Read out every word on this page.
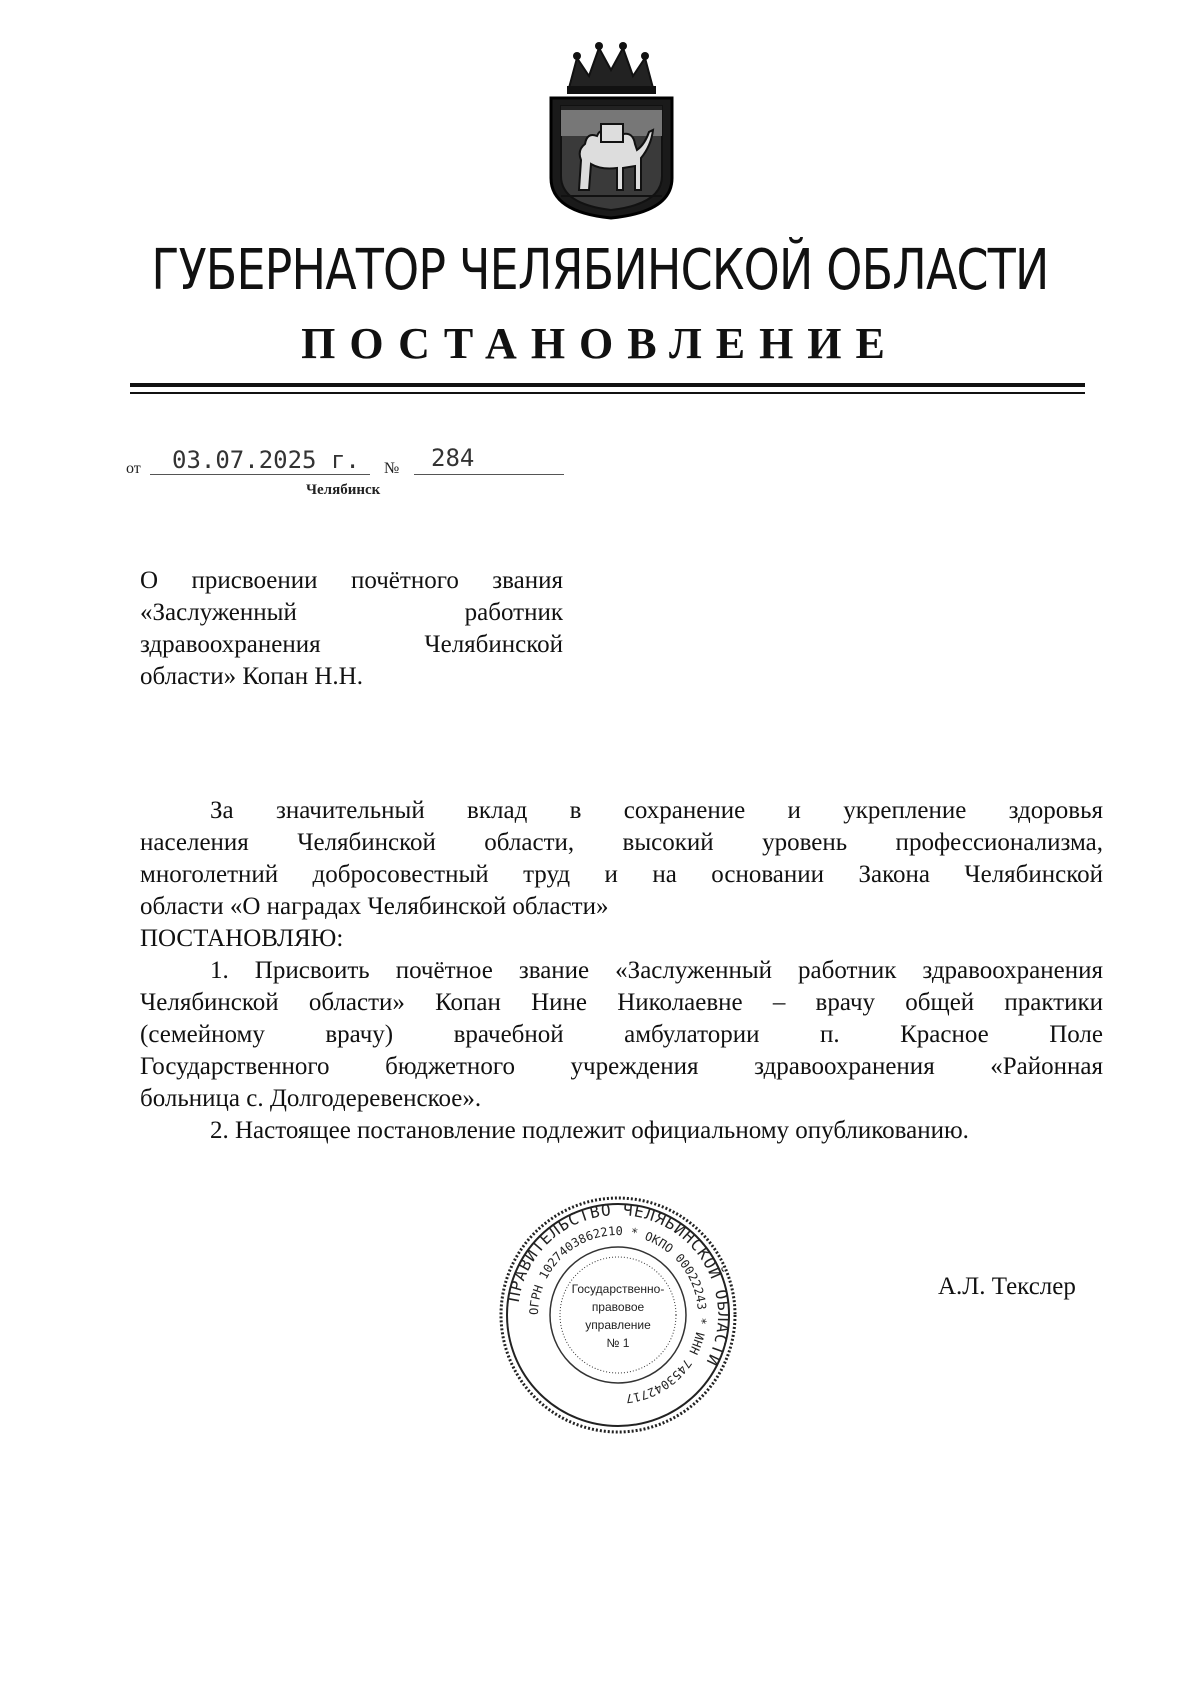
ГУБЕРНАТОР ЧЕЛЯБИНСКОЙ ОБЛАСТИ
ПОСТАНОВЛЕНИЕ
от 03.07.2025 г. № 284
Челябинск
О присвоении почётного звания
«Заслуженный работник
здравоохранения Челябинской
области» Копан Н.Н.
За значительный вклад в сохранение и укрепление здоровья
населения Челябинской области, высокий уровень профессионализма,
многолетний добросовестный труд и на основании Закона Челябинской
области «О наградах Челябинской области»
ПОСТАНОВЛЯЮ:
1. Присвоить почётное звание «Заслуженный работник здравоохранения
Челябинской области» Копан Нине Николаевне – врачу общей практики
(семейному врачу) врачебной амбулатории п. Красное Поле
Государственного бюджетного учреждения здравоохранения «Районная
больница с. Долгодеревенское».
2. Настоящее постановление подлежит официальному опубликованию.
ПРАВИТЕЛЬСТВО ЧЕЛЯБИНСКОЙ ОБЛАСТИ
ОГРН 1027403862210 * ОКПО 00022243 * ИНН 7453042717
Государственно-
правовое
управление
№ 1
А.Л. Текслер
